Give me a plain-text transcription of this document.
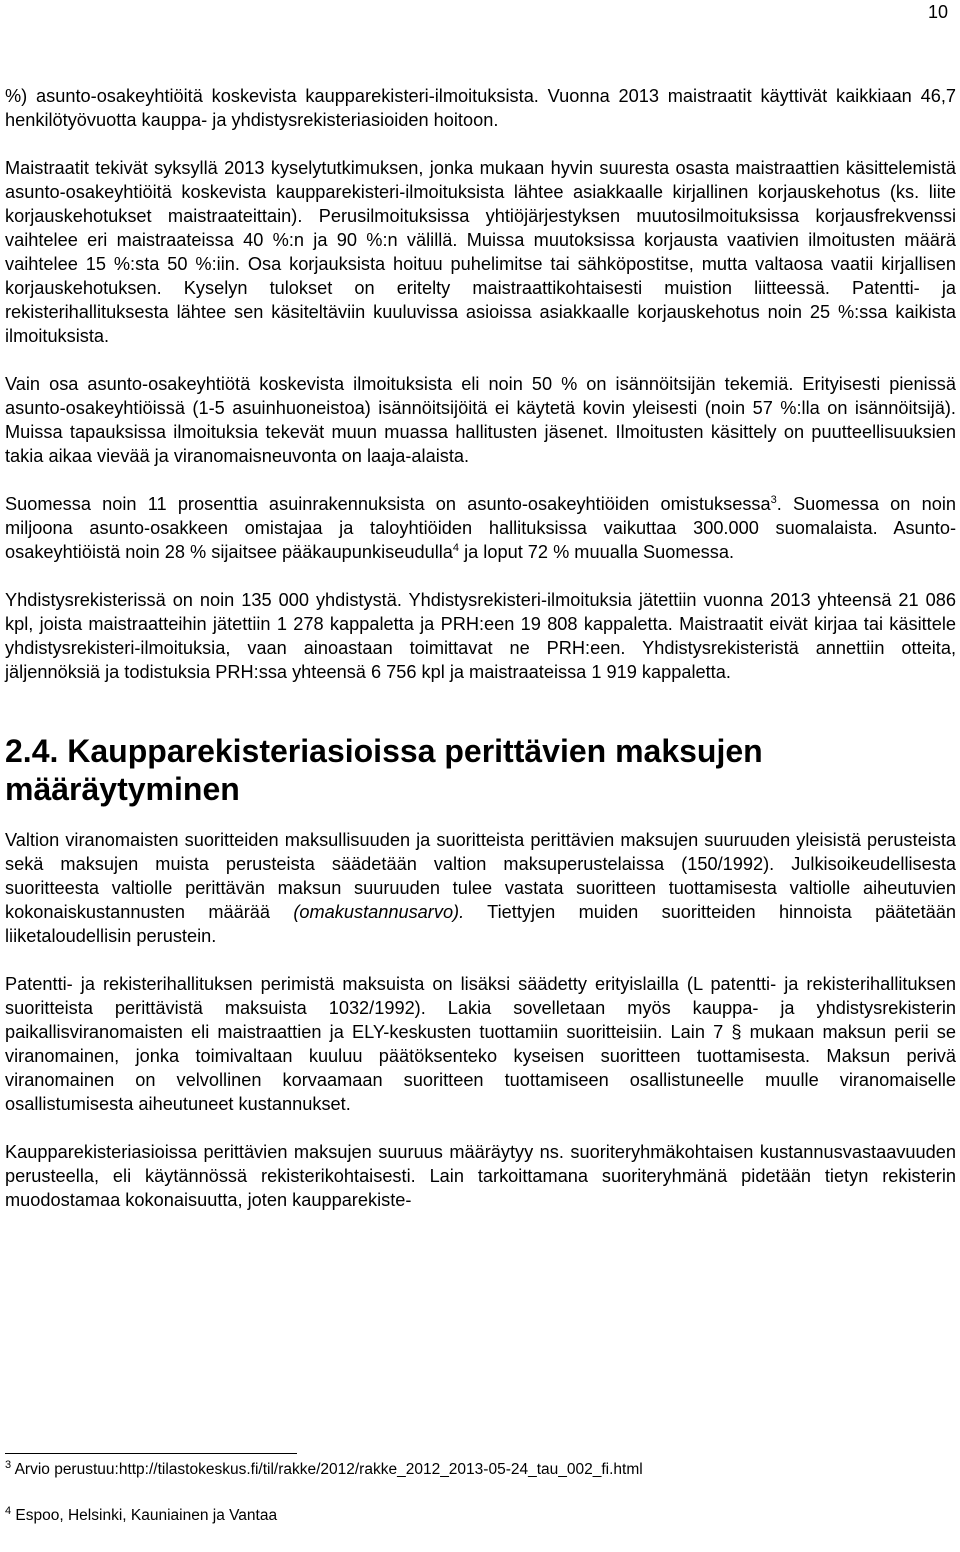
10

%) asunto-osakeyhtiöitä koskevista kaupparekisteri-ilmoituksista. Vuonna 2013 maistraatit käyttivät kaikkiaan 46,7 henkilötyövuotta kauppa- ja yhdistysrekisteriasioiden hoitoon.

Maistraatit tekivät syksyllä 2013 kyselytutkimuksen, jonka mukaan hyvin suuresta osasta maistraattien käsittelemistä asunto-osakeyhtiöitä koskevista kaupparekisteri-ilmoituksista lähtee asiakkaalle kirjallinen korjauskehotus (ks. liite korjauskehotukset maistraateittain). Perusilmoituksissa yhtiöjärjestyksen muutosilmoituksissa korjausfrekvenssi vaihtelee eri maistraateissa 40 %:n ja 90 %:n välillä. Muissa muutoksissa korjausta vaativien ilmoitusten määrä vaihtelee 15 %:sta 50 %:iin. Osa korjauksista hoituu puhelimitse tai sähköpostitse, mutta valtaosa vaatii kirjallisen korjauskehotuksen. Kyselyn tulokset on eritelty maistraattikohtaisesti muistion liitteessä. Patentti- ja rekisterihallituksesta lähtee sen käsiteltäviin kuuluvissa asioissa asiakkaalle korjauskehotus noin 25 %:ssa kaikista ilmoituksista.

Vain osa asunto-osakeyhtiötä koskevista ilmoituksista eli noin 50 % on isännöitsijän tekemiä. Erityisesti pienissä asunto-osakeyhtiöissä (1-5 asuinhuoneistoa) isännöitsijöitä ei käytetä kovin yleisesti (noin 57 %:lla on isännöitsijä). Muissa tapauksissa ilmoituksia tekevät muun muassa hallitusten jäsenet. Ilmoitusten käsittely on puutteellisuuksien takia aikaa vievää ja viranomaisneuvonta on laaja-alaista.

Suomessa noin 11 prosenttia asuinrakennuksista on asunto-osakeyhtiöiden omistuksessa$^3$. Suomessa on noin miljoona asunto-osakkeen omistajaa ja taloyhtiöiden hallituksissa vaikuttaa 300.000 suomalaista. Asunto-osakeyhtiöistä noin 28 % sijaitsee pääkaupunkiseudulla$^4$ ja loput 72 % muualla Suomessa.

Yhdistysrekisterissä on noin 135 000 yhdistystä. Yhdistysrekisteri-ilmoituksia jätettiin vuonna 2013 yhteensä 21 086 kpl, joista maistraatteihin jätettiin 1 278 kappaletta ja PRH:een 19 808 kappaletta. Maistraatit eivät kirjaa tai käsittele yhdistysrekisteri-ilmoituksia, vaan ainoastaan toimittavat ne PRH:een. Yhdistysrekisteristä annettiin otteita, jäljennöksiä ja todistuksia PRH:ssa yhteensä 6 756 kpl ja maistraateissa 1 919 kappaletta.

2.4. Kaupparekisteriasioissa perittävien maksujen määräytyminen

Valtion viranomaisten suoritteiden maksullisuuden ja suoritteista perittävien maksujen suuruuden yleisistä perusteista sekä maksujen muista perusteista säädetään valtion maksuperustelaissa (150/1992). Julkisoikeudellisesta suoritteesta valtiolle perittävän maksun suuruuden tulee vastata suoritteen tuottamisesta valtiolle aiheutuvien kokonaiskustannusten määrää (omakustannusarvo). Tiettyjen muiden suoritteiden hinnoista päätetään liiketaloudellisin perustein.

Patentti- ja rekisterihallituksen perimistä maksuista on lisäksi säädetty erityislailla (L patentti- ja rekisterihallituksen suoritteista perittävistä maksuista 1032/1992). Lakia sovelletaan myös kauppa- ja yhdistysrekisterin paikallisviranomaisten eli maistraattien ja ELY-keskusten tuottamiin suoritteisiin. Lain 7 § mukaan maksun perii se viranomainen, jonka toimivaltaan kuuluu päätöksenteko kyseisen suoritteen tuottamisesta. Maksun perivä viranomainen on velvollinen korvaamaan suoritteen tuottamiseen osallistuneelle muulle viranomaiselle osallistumisesta aiheutuneet kustannukset.

Kaupparekisteriasioissa perittävien maksujen suuruus määräytyy ns. suoriteryhmäkohtaisen kustannusvastaavuuden perusteella, eli käytännössä rekisterikohtaisesti. Lain tarkoittamana suoriteryhmänä pidetään tietyn rekisterin muodostamaa kokonaisuutta, joten kaupparekiste-

$^3$ Arvio perustuu:http://tilastokeskus.fi/til/rakke/2012/rakke_2012_2013-05-24_tau_002_fi.html
$^4$ Espoo, Helsinki, Kauniainen ja Vantaa
